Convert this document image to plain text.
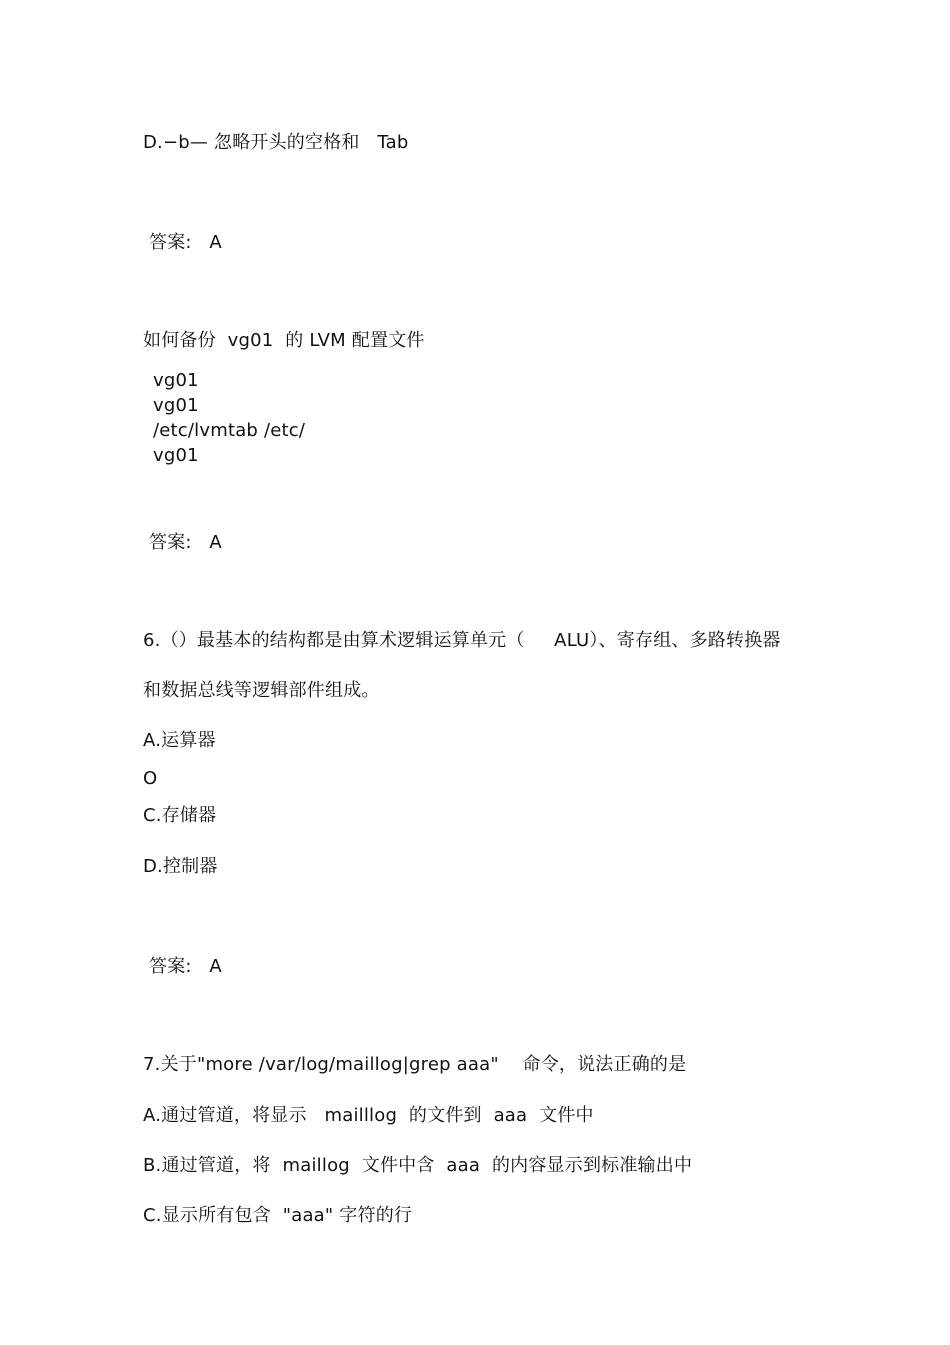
D.−b— 忽略开头的空格和   Tab
答案:   A
如何备份  vg01  的 LVM 配置文件
vg01
vg01
/etc/lvmtab /etc/
vg01
答案:   A
6.（）最基本的结构都是由算术逻辑运算单元（     ALU）、寄存组、多路转换器
和数据总线等逻辑部件组成。
A.运算器
O
C.存储器
D.控制器
答案:   A
7.关于"more /var/log/maillog|grep aaa"    命令，说法正确的是
A.通过管道，将显示   mailllog  的文件到  aaa  文件中
B.通过管道，将  maillog  文件中含  aaa  的内容显示到标准输出中
C.显示所有包含  "aaa" 字符的行
